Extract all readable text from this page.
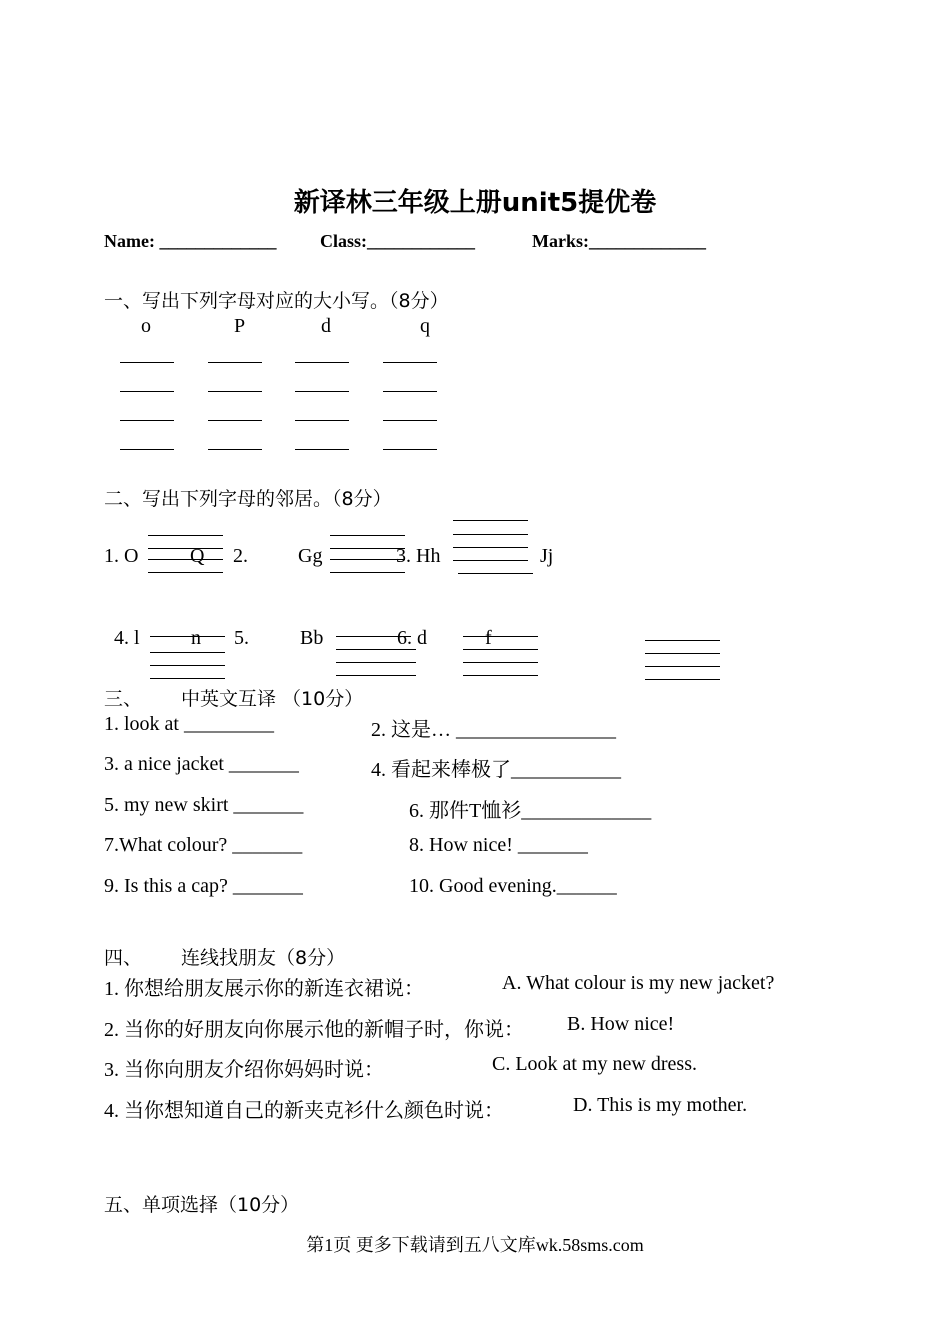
新译林三年级上册unit5提优卷
Name: _____________ Class:____________	Marks:_____________
一、写出下列字母对应的大小写。（8分）
o	P	d	q
二、写出下列字母的邻居。（8分）
1. O	Q 2.	Gg	3. Hh	Jj
4. l	n 5.	Bb	6. d	f
三、 中英文互译 （10分）
1. look at _________	2. 这是… ________________
3. a nice jacket _______	4. 看起来棒极了___________
5. my new skirt _______	6. 那件T恤衫_____________
7.What colour? _______	8. How nice! _______
9. Is this a cap? _______	10. Good evening.______
四、 连线找朋友（8分）
1. 你想给朋友展示你的新连衣裙说：	A. What colour is my new jacket?
2. 当你的好朋友向你展示他的新帽子时，你说： B. How nice!
3. 当你向朋友介绍你妈妈时说：	C. Look at my new dress.
4. 当你想知道自己的新夹克衫什么颜色时说：	D. This is my mother.
五、单项选择（10分）
第1页 更多下载请到五八文库wk.58sms.com
